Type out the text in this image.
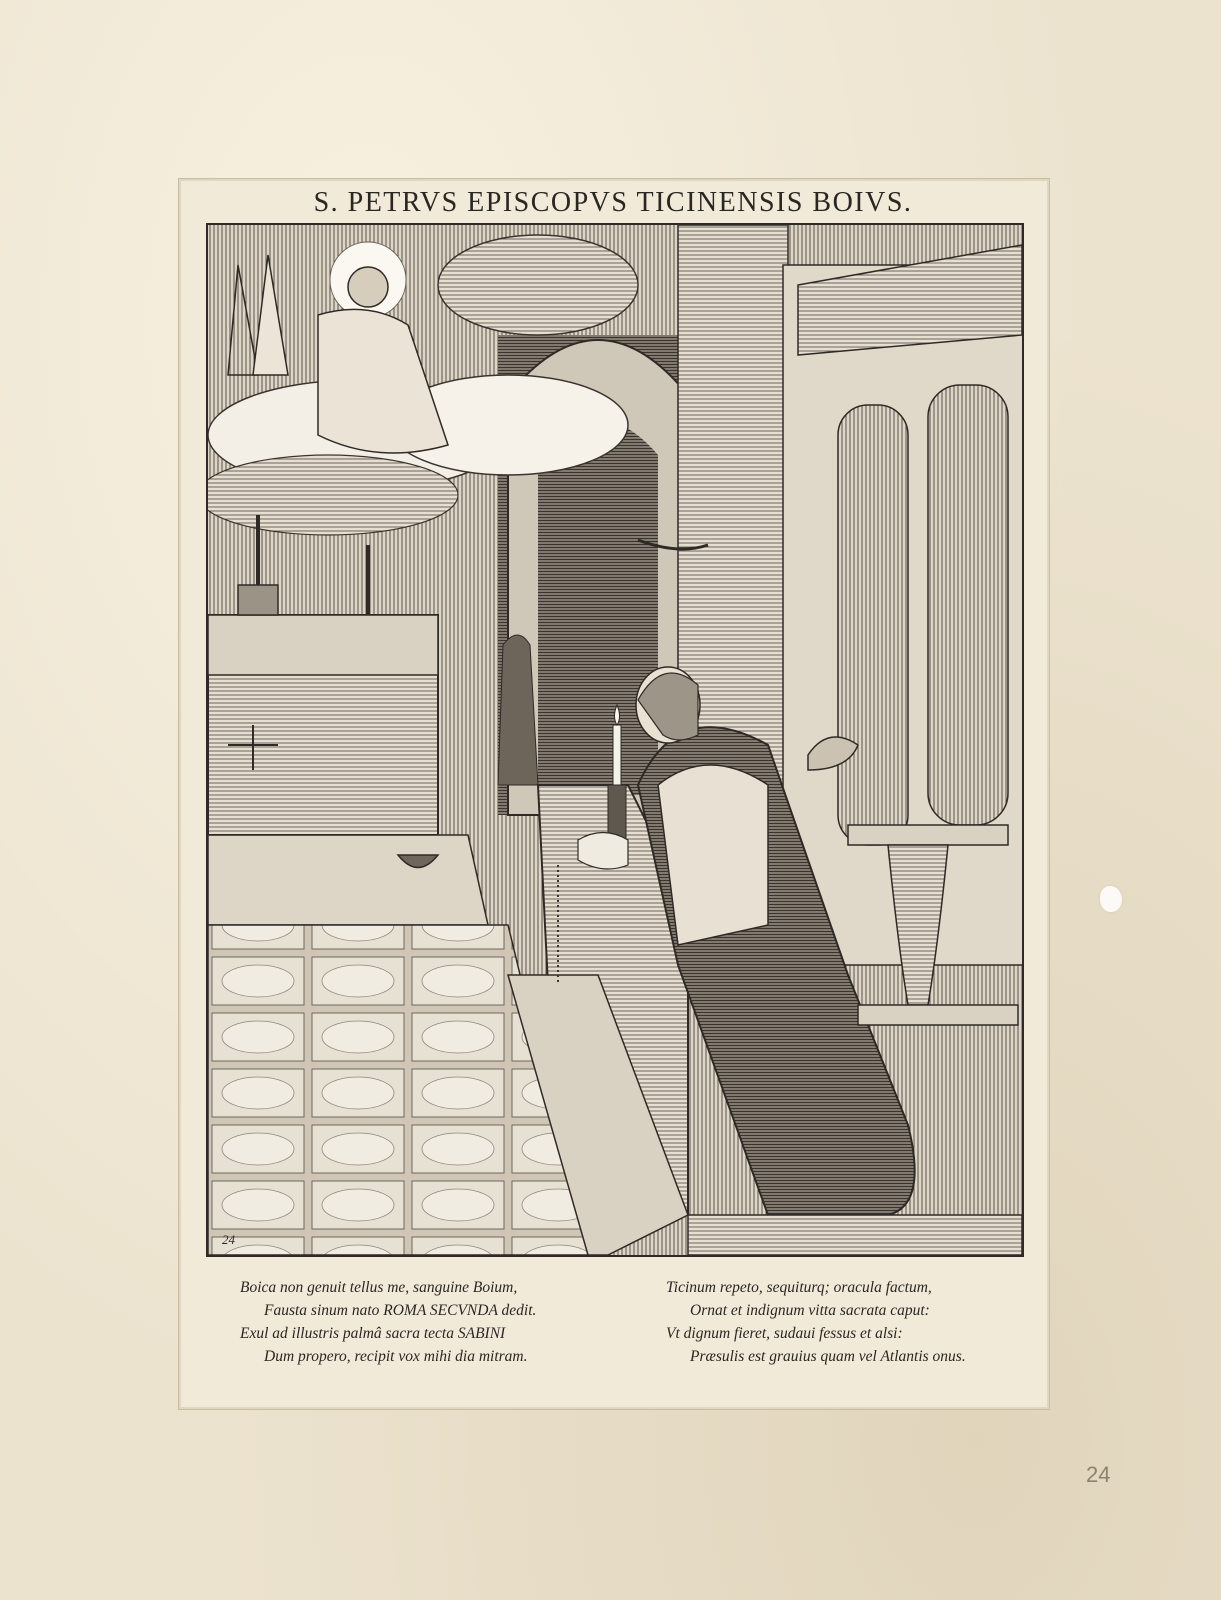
S. PETRVS EPISCOPVS TICINENSIS BOIVS.
24
Boica non genuit tellus me, sanguine Boium,
Fausta sinum nato ROMA SECVNDA dedit.
Exul ad illustris palmâ sacra tecta SABINI
Dum propero, recipit vox mihi dia mitram.
Ticinum repeto, sequiturq; oracula factum,
Ornat et indignum vitta sacrata caput:
Vt dignum fieret, sudaui fessus et alsi:
Præsulis est grauius quam vel Atlantis onus.
24
